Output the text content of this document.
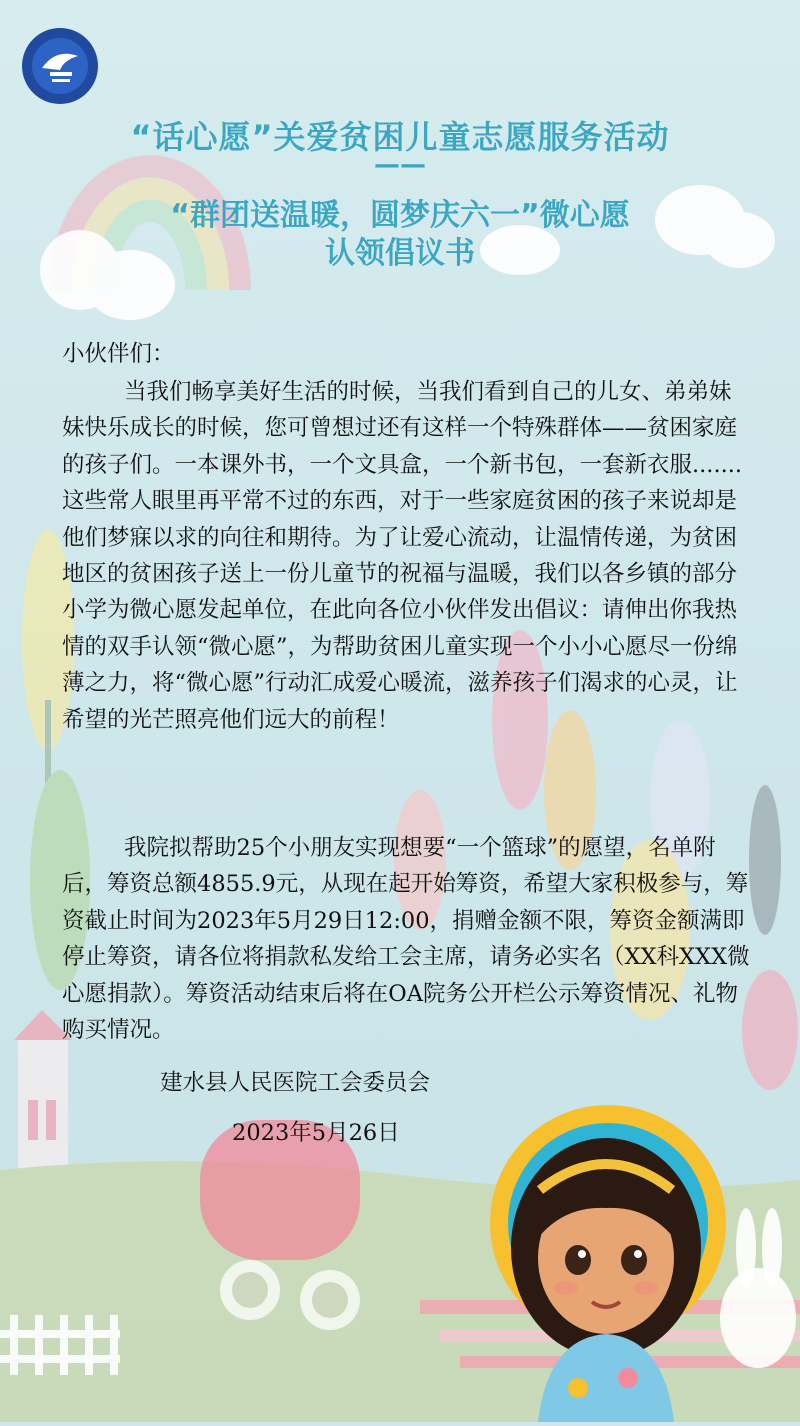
“话心愿”关爱贫困儿童志愿服务活动
——
“群团送温暖，圆梦庆六一”微心愿
认领倡议书
小伙伴们：
当我们畅享美好生活的时候，当我们看到自己的儿女、弟弟妹妹快乐成长的时候，您可曾想过还有这样一个特殊群体——贫困家庭的孩子们。一本课外书，一个文具盒，一个新书包，一套新衣服.......这些常人眼里再平常不过的东西，对于一些家庭贫困的孩子来说却是他们梦寐以求的向往和期待。为了让爱心流动，让温情传递，为贫困地区的贫困孩子送上一份儿童节的祝福与温暖，我们以各乡镇的部分小学为微心愿发起单位，在此向各位小伙伴发出倡议：请伸出你我热情的双手认领“微心愿”，为帮助贫困儿童实现一个小小心愿尽一份绵薄之力，将“微心愿”行动汇成爱心暖流，滋养孩子们渴求的心灵，让希望的光芒照亮他们远大的前程！
我院拟帮助25个小朋友实现想要“一个篮球”的愿望，名单附后，筹资总额4855.9元，从现在起开始筹资，希望大家积极参与，筹资截止时间为2023年5月29日12:00，捐赠金额不限，筹资金额满即停止筹资，请各位将捐款私发给工会主席，请务必实名（XX科XXX微心愿捐款）。筹资活动结束后将在OA院务公开栏公示筹资情况、礼物购买情况。
建水县人民医院工会委员会
2023年5月26日
